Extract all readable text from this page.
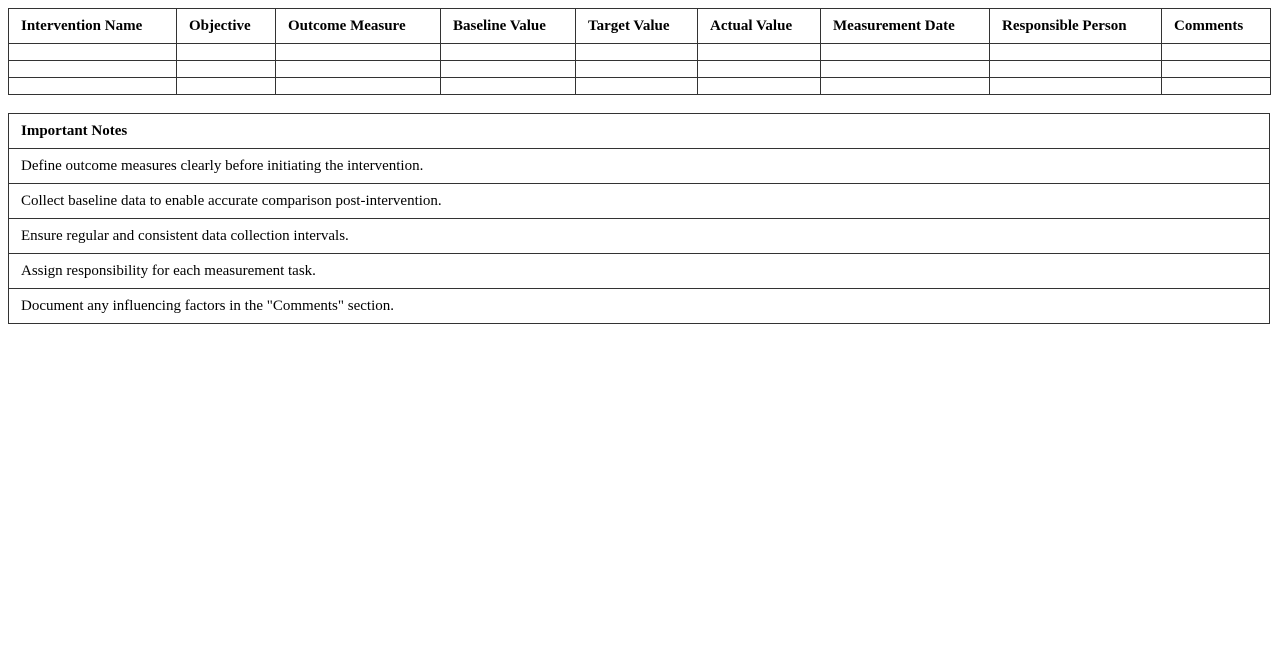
Intervention Name	Objective	Outcome Measure	Baseline Value	Target Value	Actual Value	Measurement Date	Responsible Person	Comments

Important Notes
Define outcome measures clearly before initiating the intervention.
Collect baseline data to enable accurate comparison post-intervention.
Ensure regular and consistent data collection intervals.
Assign responsibility for each measurement task.
Document any influencing factors in the "Comments" section.
